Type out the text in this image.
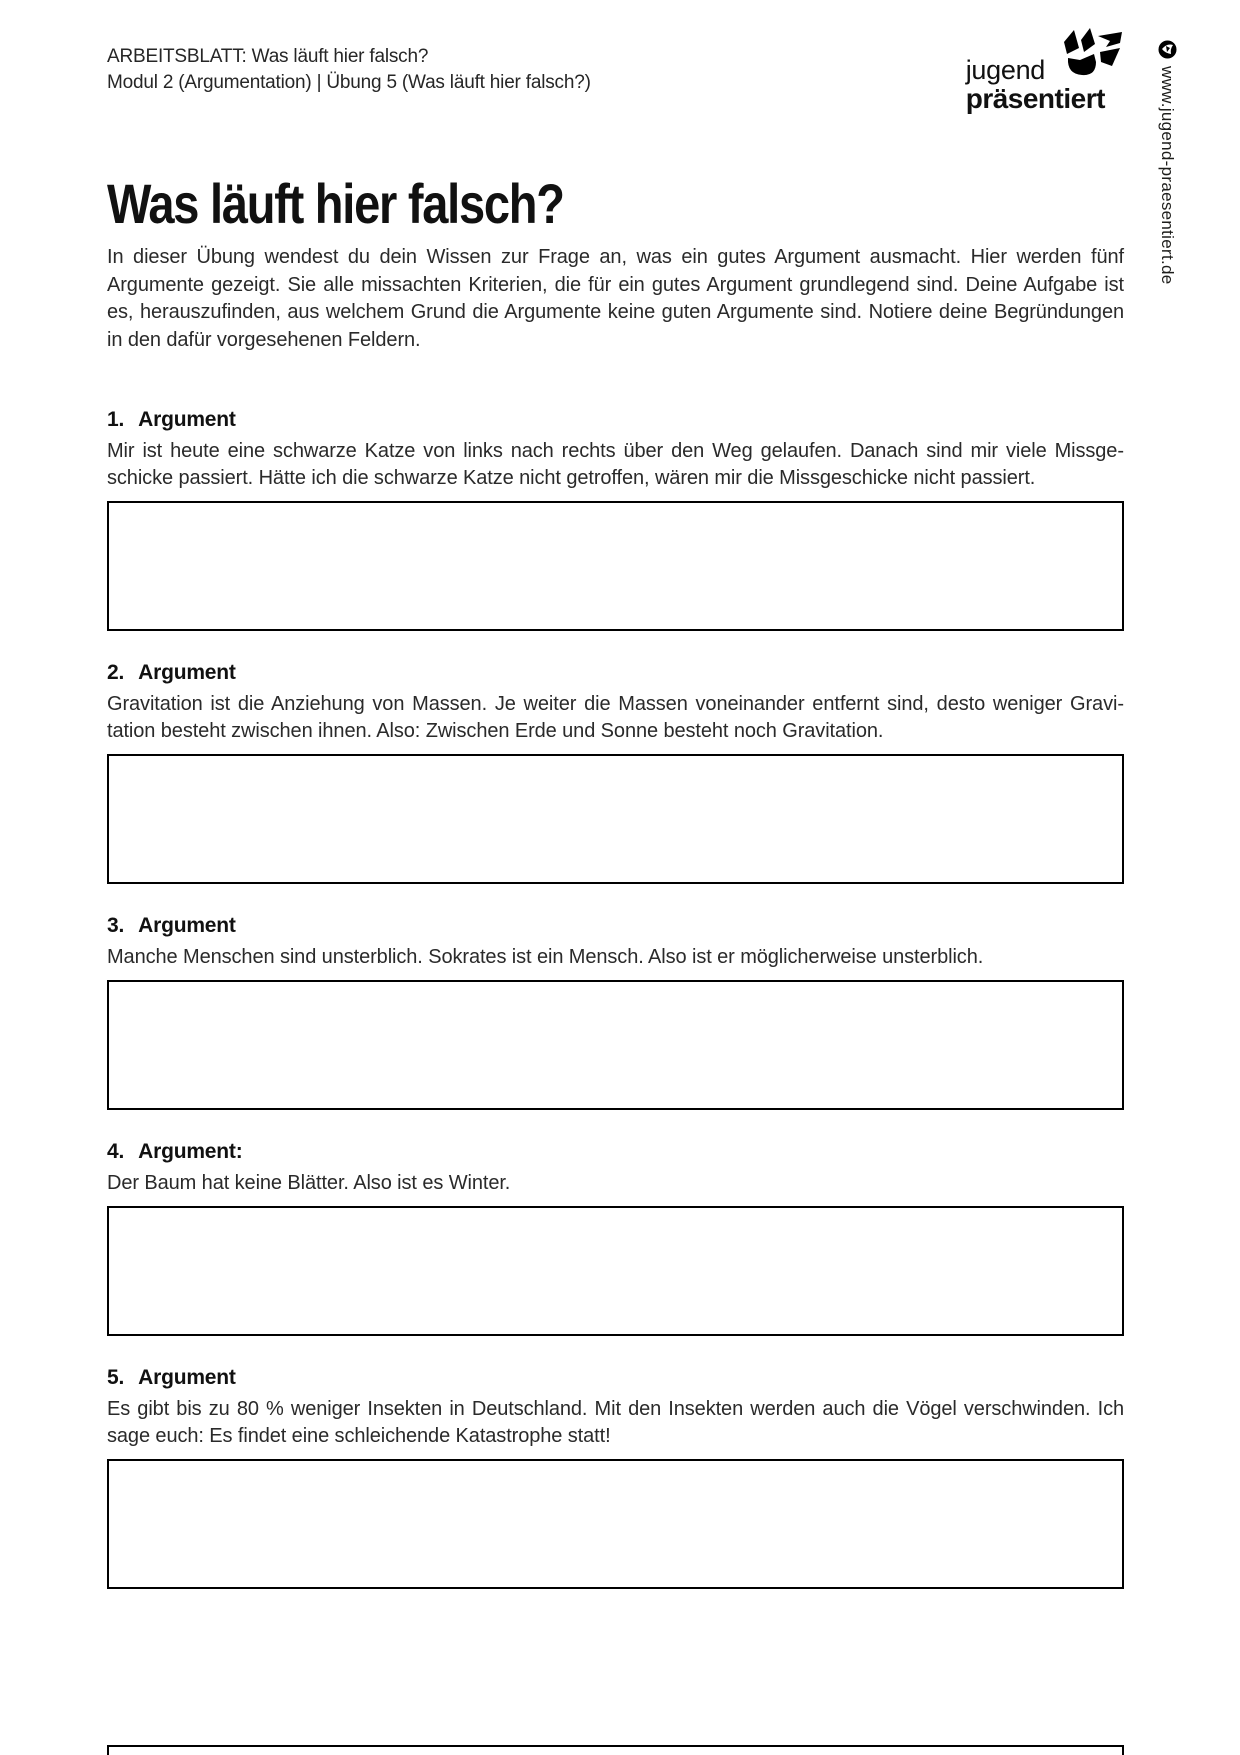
ARBEITSBLATT: Was läuft hier falsch?
Modul 2 (Argumentation) | Übung 5 (Was läuft hier falsch?)	jugend
präsentiert	www.jugend-praesentiert.de
Was läuft hier falsch?

In dieser Übung wendest du dein Wissen zur Frage an, was ein gutes Argument ausmacht. Hier werden fünf Argumente gezeigt. Sie alle missachten Kriterien, die für ein gutes Argument grundlegend sind. Deine Aufgabe ist es, herauszufinden, aus welchem Grund die Argumente keine guten Argumente sind. Notiere deine Begründungen in den dafür vorgesehenen Feldern.

1. Argument

Mir ist heute eine schwarze Katze von links nach rechts über den Weg gelaufen. Danach sind mir viele Missgeschicke passiert. Hätte ich die schwarze Katze nicht getroffen, wären mir die Missgeschicke nicht passiert.

2. Argument

Gravitation ist die Anziehung von Massen. Je weiter die Massen voneinander entfernt sind, desto weniger Gravitation besteht zwischen ihnen. Also: Zwischen Erde und Sonne besteht noch Gravitation.

3. Argument

Manche Menschen sind unsterblich. Sokrates ist ein Mensch. Also ist er möglicherweise unsterblich.

4. Argument:

Der Baum hat keine Blätter. Also ist es Winter.

5. Argument

Es gibt bis zu 80 % weniger Insekten in Deutschland. Mit den Insekten werden auch die Vögel verschwinden. Ich sage euch: Es findet eine schleichende Katastrophe statt!
